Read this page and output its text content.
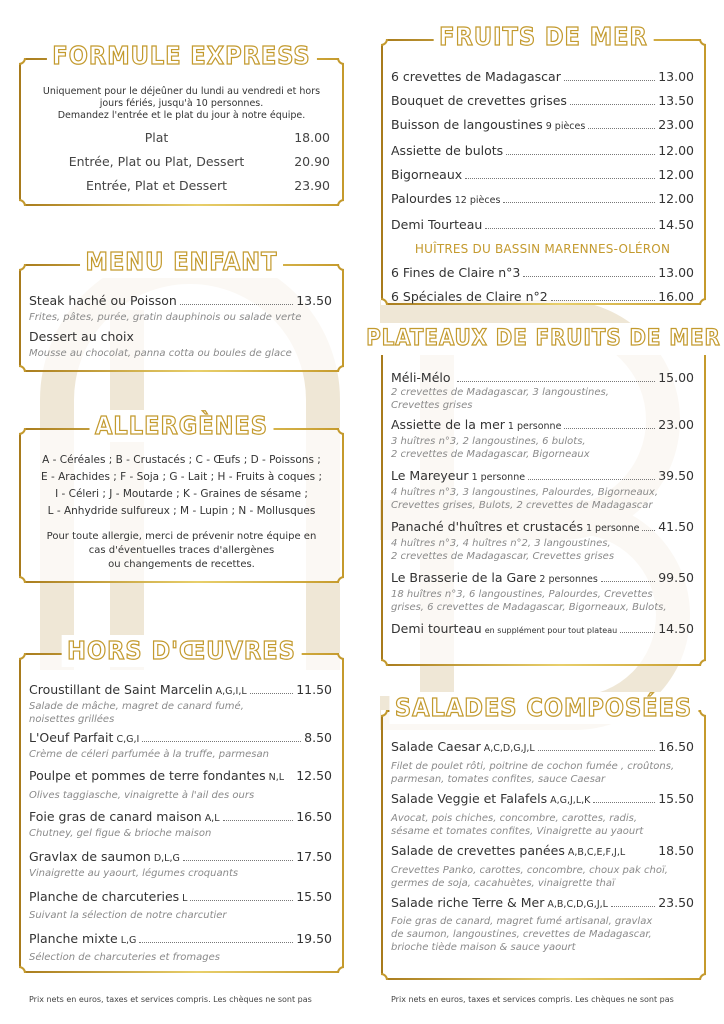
FORMULE EXPRESS
Uniquement pour le déjeûner du lundi au vendredi et hors
jours fériés, jusqu'à 10 personnes.
Demandez l'entrée et le plat du jour à notre équipe.
Plat	18.00
Entrée, Plat ou Plat, Dessert	20.90
Entrée, Plat et Dessert	23.90
MENU ENFANT
Steak haché ou Poisson	13.50
Frites, pâtes, purée, gratin dauphinois ou salade verte
Dessert au choix
Mousse au chocolat, panna cotta ou boules de glace
ALLERGÈNES
A - Céréales ; B - Crustacés ; C - Œufs ; D - Poissons ;
E - Arachides ; F - Soja ; G - Lait ; H - Fruits à coques ;
I - Céleri ; J - Moutarde ; K - Graines de sésame ;
L - Anhydride sulfureux ; M - Lupin ; N - Mollusques
Pour toute allergie, merci de prévenir notre équipe en
cas d'éventuelles traces d'allergènes
ou changements de recettes.
HORS D'ŒUVRES
Croustillant de Saint Marcelin A,G,I,L	11.50
Salade de mâche, magret de canard fumé,
noisettes grillées
L'Oeuf Parfait C,G,I	8.50
Crème de céleri parfumée à la truffe, parmesan
Poulpe et pommes de terre fondantes N,L 12.50
Olives taggiasche, vinaigrette à l'ail des ours
Foie gras de canard maison A,L	16.50
Chutney, gel figue & brioche maison
Gravlax de saumon D,L,G	17.50
Vinaigrette au yaourt, légumes croquants
Planche de charcuteries L	15.50
Suivant la sélection de notre charcutier
Planche mixte L,G	19.50
Sélection de charcuteries et fromages
Prix nets en euros, taxes et services compris. Les chèques ne sont pas
FRUITS DE MER
6 crevettes de Madagascar	13.00
Bouquet de crevettes grises	13.50
Buisson de langoustines 9 pièces	23.00
Assiette de bulots	12.00
Bigorneaux	12.00
Palourdes 12 pièces	12.00
Demi Tourteau	14.50
HUÎTRES DU BASSIN MARENNES-OLÉRON
6 Fines de Claire n°3	13.00
6 Spéciales de Claire n°2	16.00
PLATEAUX DE FRUITS DE MER
Méli-Mélo	15.00
2 crevettes de Madagascar, 3 langoustines,
Crevettes grises
Assiette de la mer 1 personne	23.00
3 huîtres n°3, 2 langoustines, 6 bulots,
2 crevettes de Madagascar, Bigorneaux
Le Mareyeur 1 personne	39.50
4 huîtres n°3, 3 langoustines, Palourdes, Bigorneaux,
Crevettes grises, Bulots, 2 crevettes de Madagascar
Panaché d'huîtres et crustacés 1 personne 41.50
4 huîtres n°3, 4 huîtres n°2, 3 langoustines,
2 crevettes de Madagascar, Crevettes grises
Le Brasserie de la Gare 2 personnes	99.50
18 huîtres n°3, 6 langoustines, Palourdes, Crevettes
grises, 6 crevettes de Madagascar, Bigorneaux, Bulots,
Demi tourteau en supplément pour tout plateau	14.50
SALADES COMPOSÉES
Salade Caesar A,C,D,G,J,L	16.50
Filet de poulet rôti, poitrine de cochon fumée , croûtons,
parmesan, tomates confites, sauce Caesar
Salade Veggie et Falafels A,G,J,L,K	15.50
Avocat, pois chiches, concombre, carottes, radis,
sésame et tomates confites, Vinaigrette au yaourt
Salade de crevettes panées A,B,C,E,F,J,L	18.50
Crevettes Panko, carottes, concombre, choux pak choï,
germes de soja, cacahuètes, vinaigrette thaï
Salade riche Terre & Mer A,B,C,D,G,J,L	23.50
Foie gras de canard, magret fumé artisanal, gravlax
de saumon, langoustines, crevettes de Madagascar,
brioche tiède maison & sauce yaourt
Prix nets en euros, taxes et services compris. Les chèques ne sont pas
